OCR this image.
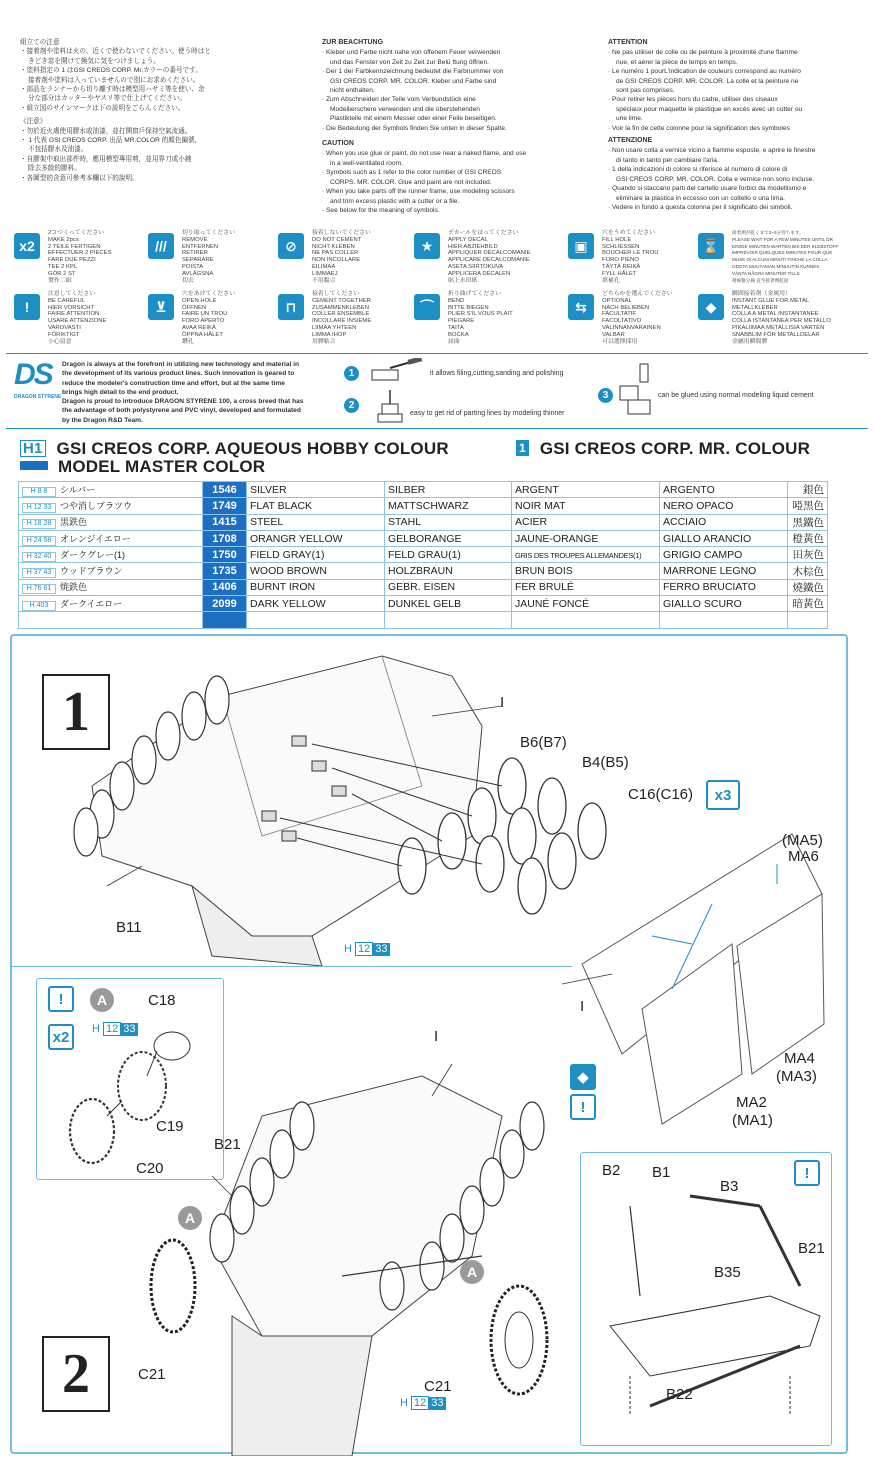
組立ての注意
・接着剤や塗料は火の、近くで使わないでください。使う時はと
きどき窓を開けて換気に気をつけましょう。
・塗料指定の 1 はGSI CREOS CORP. Mr.カラーの番号です。
接着剤や塗料は入っていませんので別にお求めください。
・部品をランナーから切り離す時は模型用ハサミ等を使い、余
分な部分はカッターやヤスリ等で仕上げてください。
・組立図のサインマークは下の説明をごらんください。
《注意》
・勿於近火處使用膠水或油漆，並打開窗戶保持空氣流通。
・ 1 代表 GSI CREOS CORP. 出品 MR.COLOR 的顏色編號，
不包括膠水及油漆。
・自膠架中取出部件時，應用模型專用剪，並用界刀或小銼
除去多餘的膠料。
・各圖型的含意可參考本欄以下的說明。
ZUR BEACHTUNG
· Kleber und Farbe nicht nahe von offenem Feuer verwenden
und das Fenster von Zeit zu Zeit zur Belü ftung öffnen.
· Der 1 der Farbkennzeichnung bedeutet die Farbnummer von
GSI CREOS CORP. MR. COLOR. Kleber und Farbe sind
nicht enthalten.
· Zum Abschneiden der Teile vom Verbundstück eine
Modellierschere verwenden und die überstehenden
Plastikteile mit einem Messer oder einer Feile beseitigen.
· Die Bedeutung der Symbols finden Sie unten in dieser Spalte.
CAUTION
· When you use glue or paint, do not use near a naked flame, and use
in a well-ventilated room.
· Symbols such as 1 refer to the color number of GSI CREOS
CORPS. MR. COLOR. Glue and paint are not included.
· When you take parts off the runner frame, use modeling scissors
and trim excess plastic with a cutter or a file.
· See below for the meaning of symbols.
ATTENTION
· Ne pas utiliser de colle ou de peinture à proximité d'une flamme
nue, et aérer la pièce de temps en temps.
· Le numéro 1 pourL'indication de couleurs correspond au numéro
de GSI CREOS CORP. MR. COLOR. La colle et la peinture ne
sont pas comprises.
· Pour retirer les pièces hors du cadre, utiliser des ciseaux
spéciaux pour maquette le plastique en excès avec un cutter ou
une lime.
· Voir la fin de cette colonne pour la signification des symboles
ATTENZIONE
· Non usare colla a vernice vicino a fiamme esposte, e aprire le finestre
di tanto in tanto per cambiare l'aria.
· 1 della indicazioni di colore si riferisce al numero di colore di
GSI CREOS CORP. MR. COLOR. Colla e vernice non sono incluse.
· Quando si staccano parti del cartello usare forbici da modellismo e
eliminare la plastica in eccesso con un coltello o una lima.
· Vedere in fondo a questa colonna per il significato dei simboli.
x2
2コつくってください
MAKE 2pcs
2 TEILE FERTIGEN
EFFECTUER 2 PIECES
FARE DUE PEZZI
TEE 2 KPL
GÖR 2 ST
製作二組
///
切り取ってください
REMOVE
ENTFERNEN
RETIRER
SEPARARE
POISTA
AVLÄGSNA
切去
⊘
接着しないでください
DO NOT CEMENT
NICHT KLEBEN
NE PAS COLLER
NON INCOLLARE
EILIMAA
LIMMAEJ
不用黏合
★
デカールをはってください
APPLY DECAL
HIER ABZIEHBILD
APPLIQUER DÉCALCOMANIE
APPLICARE DECALCOMANIE
ASETA SIIRTOKUVA
APPLICERA DECALEN
貼上水印紙
▣
穴をうめてください
FILL HOLE
SCHLIESSEN
BOUCHER LE TROU
FORO PIENO
TÄYTÄ REIKÄ
FYLL HÅLET
填補孔
⌛
接着剤が乾くまで2~3分待ちます。
PLEASE WAIT FOR A FEW MINUTES UNTIL DR
EINIGE MINUTEN WARTEN BIS DER KLEBSTOFF
IMPRÉVOIR QUELQUES MINUTES POUR QUE
MUSE DI ALCUNI MINUTI FINCHE LA COLLA
ODOTA MUUTAMAN MINUUTIN KUNNES
VÄNTA NÅGRA MINUTER TILLS
稍候數分鐘 直至接著劑乾固
!
注意してください
BE CAREFUL
HIER VORSICHT
FAIRE ATTENTION
USARE ATTENZIONE
VAROVASTI
FÖRIKTIGT
小心留意
⊻
穴をあけてください
OPEN HOLE
ÖFFNEN
FAIRE UN TROU
FORO APERTO
AVAA REIKÄ
ÖPPNA HÅLET
鑽孔
⊓
接着してください
CEMENT TOGETHER
ZUSAMMENKLEBEN
COLLER ENSEMBLE
INCOLLARE INSIEME
LIIMAA YHTEEN
LIMMA IHOP
用膠粘合
⌒
折り曲げてください
BEND
BITTE BIEGEN
PLIER S'IL VOUS PLAIT
PIEGARE
TAITA
BOCKA
屈曲
⇆
どちらかを選んでください
OPTIONAL
NACH BELIEBEN
FACULTATIF
FACOLTATIVO
VALINNANVARAINEN
VALBAR
可以選擇採用
◆
瞬間接着剤（金属用）
INSTANT GLUE FOR METAL
METALLKLEBER
COLLA A METAL INSTANTANEE
COLLA ISTANTANEA PER METALLO
PIKALIIMAA METALLISIA VARTEN
SNABBLIM FÖR METALLDELAR
金屬用瞬間膠
DS
DRAGON STYRENE
Dragon is always at the forefront in utilizing new technology and material in
the development of its various product lines. Such innovation is geared to
reduce the modeler's construction time and effort, but at the same time
brings high detail to the end product.
Dragon is proud to introduce DRAGON STYRENE 100, a cross breed that has
the advantage of both polystyrene and PVC vinyl, developed and formulated
by the Dragon R&D Team.
1	it allows filing,cutting,sanding and polishing
2
easy to get rid of parting lines by modeling thinner
3	can be glued using normal modeling liquid cement
H1 GSI CREOS CORP. AQUEOUS HOBBY COLOUR	1 GSI CREOS CORP. MR. COLOUR
MODEL MASTER COLOR
H 8 8 シルバー	1546	SILVER	SILBER	ARGENT	ARGENTO	銀色
H 12 33 つや消しブラツウ	1749	FLAT BLACK	MATTSCHWARZ	NOIR MAT	NERO OPACO	啞黑色
H 18 28 黒鉄色	1415	STEEL	STAHL	ACIER	ACCIAIO	黑鐵色
H 24 58 オレンジイエロー	1708	ORANGR YELLOW	GELBORANGE	JAUNE-ORANGE	GIALLO ARANCIO	橙黃色
H 32 40 ダークグレー(1)	1750	FIELD GRAY(1)	FELD GRAU(1)	GRIS DES TROUPES ALLEMANDES(1)	GRIGIO CAMPO	田灰色
H 37 43 ウッドブラウン	1735	WOOD BROWN	HOLZBRAUN	BRUN BOIS	MARRONE LEGNO	木棕色
H 76 61 焼鉄色	1406	BURNT IRON	GEBR. EISEN	FER BRULÉ	FERRO BRUCIATO	燒鐵色
H 403 ダークイエロー	2099	DARK YELLOW	DUNKEL GELB	JAUNÉ FONCÉ	GIALLO SCURO	暗黃色

1	I
B6(B7)
B4(B5)
C16(C16)	x3
B11
H 12 33
(MA5)
MA6
I
MA4
(MA3)
MA2
(MA1)
◆
!
!	A	C18
x2	H 12 33
C19
C20
I
B21
A
A
C21
C21
H 12 33
2
!
B2 B1
B3
B21
B35
B22
